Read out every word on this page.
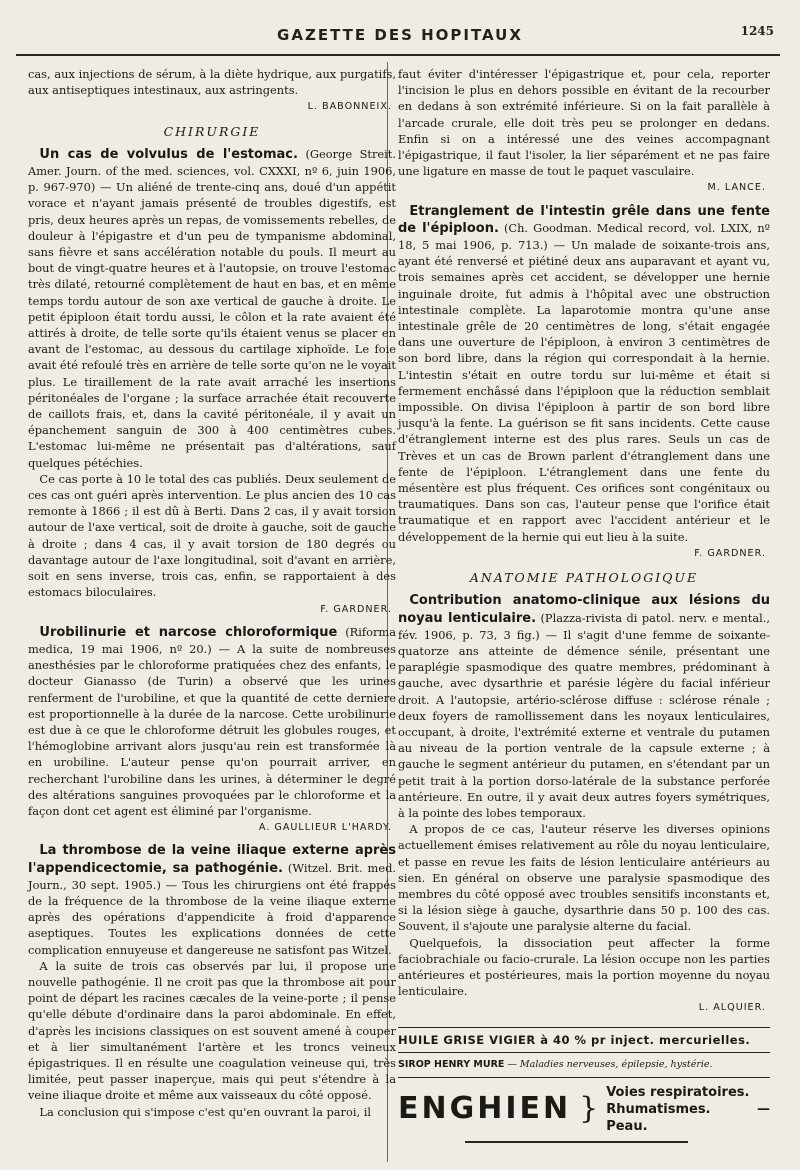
GAZETTE DES HOPITAUX	1245

cas, aux injections de sérum, à la diète hydrique, aux purgatifs, aux antiseptiques intestinaux, aux astringents.

L. BABONNEIX.
CHIRURGIE

Un cas de volvulus de l'estomac. (George Streit. Amer. Journ. of the med. sciences, vol. CXXXI, nº 6, juin 1906, p. 967-970) — Un aliéné de trente-cinq ans, doué d'un appétit vorace et n'ayant jamais présenté de troubles digestifs, est pris, deux heures après un repas, de vomissements rebelles, de douleur à l'épigastre et d'un peu de tympanisme abdominal, sans fièvre et sans accélération notable du pouls. Il meurt au bout de vingt-quatre heures et à l'autopsie, on trouve l'estomac très dilaté, retourné complètement de haut en bas, et en même temps tordu autour de son axe vertical de gauche à droite. Le petit épiploon était tordu aussi, le côlon et la rate avaient été attirés à droite, de telle sorte qu'ils étaient venus se placer en avant de l'estomac, au dessous du cartilage xiphoïde. Le foie avait été refoulé très en arrière de telle sorte qu'on ne le voyait plus. Le tiraillement de la rate avait arraché les insertions péritonéales de l'organe ; la surface arrachée était recouverte de caillots frais, et, dans la cavité péritonéale, il y avait un épanchement sanguin de 300 à 400 centimètres cubes. L'estomac lui-même ne présentait pas d'altérations, sauf quelques pétéchies.

Ce cas porte à 10 le total des cas publiés. Deux seulement de ces cas ont guéri après intervention. Le plus ancien des 10 cas remonte à 1866 ; il est dû à Berti. Dans 2 cas, il y avait torsion autour de l'axe vertical, soit de droite à gauche, soit de gauche à droite ; dans 4 cas, il y avait torsion de 180 degrés ou davantage autour de l'axe longitudinal, soit d'avant en arrière, soit en sens inverse, trois cas, enfin, se rapportaient à des estomacs biloculaires.

F. GARDNER.

Urobilinurie et narcose chloroformique (Riforma medica, 19 mai 1906, nº 20.) — A la suite de nombreuses anesthésies par le chloroforme pratiquées chez des enfants, le docteur Gianasso (de Turin) a observé que les urines renferment de l'urobiline, et que la quantité de cette derniere est proportionnelle à la durée de la narcose. Cette urobilinurie est due à ce que le chloroforme détruit les globules rouges, et l'hémoglobine arrivant alors jusqu'au rein est transformée là en urobiline. L'auteur pense qu'on pourrait arriver, en recherchant l'urobiline dans les urines, à déterminer le degré des altérations sanguines provoquées par le chloroforme et la façon dont cet agent est éliminé par l'organisme.

A. GAULLIEUR L'HARDY.

La thrombose de la veine iliaque externe après l'appendicectomie, sa pathogénie. (Witzel. Brit. med. Journ., 30 sept. 1905.) — Tous les chirurgiens ont été frappés de la fréquence de la thrombose de la veine iliaque externe après des opérations d'appendicite à froid d'apparence aseptiques. Toutes les explications données de cette complication ennuyeuse et dangereuse ne satisfont pas Witzel.

A la suite de trois cas observés par lui, il propose une nouvelle pathogénie. Il ne croit pas que la thrombose ait pour point de départ les racines cæcales de la veine-porte ; il pense qu'elle débute d'ordinaire dans la paroi abdominale. En effet, d'après les incisions classiques on est souvent amené à couper et à lier simultanément l'artère et les troncs veineux épigastriques. Il en résulte une coagulation veineuse qui, très limitée, peut passer inaperçue, mais qui peut s'étendre à la veine iliaque droite et même aux vaisseaux du côté opposé.

La conclusion qui s'impose c'est qu'en ouvrant la paroi, il

faut éviter d'intéresser l'épigastrique et, pour cela, reporter l'incision le plus en dehors possible en évitant de la recourber en dedans à son extrémité inférieure. Si on la fait parallèle à l'arcade crurale, elle doit très peu se prolonger en dedans. Enfin si on a intéressé une des veines accompagnant l'épigastrique, il faut l'isoler, la lier séparément et ne pas faire une ligature en masse de tout le paquet vasculaire.

M. LANCE.

Etranglement de l'intestin grêle dans une fente de l'épiploon. (Ch. Goodman. Medical record, vol. LXIX, nº 18, 5 mai 1906, p. 713.) — Un malade de soixante-trois ans, ayant été renversé et piétiné deux ans auparavant et ayant vu, trois semaines après cet accident, se développer une hernie inguinale droite, fut admis à l'hôpital avec une obstruction intestinale complète. La laparotomie montra qu'une anse intestinale grêle de 20 centimètres de long, s'était engagée dans une ouverture de l'épiploon, à environ 3 centimètres de son bord libre, dans la région qui correspondait à la hernie. L'intestin s'était en outre tordu sur lui-même et était si fermement enchâssé dans l'épiploon que la réduction semblait impossible. On divisa l'épiploon à partir de son bord libre jusqu'à la fente. La guérison se fit sans incidents. Cette cause d'étranglement interne est des plus rares. Seuls un cas de Trèves et un cas de Brown parlent d'étranglement dans une fente de l'épiploon. L'étranglement dans une fente du mésentère est plus fréquent. Ces orifices sont congénitaux ou traumatiques. Dans son cas, l'auteur pense que l'orifice était traumatique et en rapport avec l'accident antérieur et le développement de la hernie qui eut lieu à la suite.

F. GARDNER.
ANATOMIE PATHOLOGIQUE

Contribution anatomo-clinique aux lésions du noyau lenticulaire. (Plazza-rivista di patol. nerv. e mental., fév. 1906, p. 73, 3 fig.) — Il s'agit d'une femme de soixante-quatorze ans atteinte de démence sénile, présentant une paraplégie spasmodique des quatre membres, prédominant à gauche, avec dysarthrie et parésie légère du facial inférieur droit. A l'autopsie, artério-sclérose diffuse : sclérose rénale ; deux foyers de ramollissement dans les noyaux lenticulaires, occupant, à droite, l'extrémité externe et ventrale du putamen au niveau de la portion ventrale de la capsule externe ; à gauche le segment antérieur du putamen, en s'étendant par un petit trait à la portion dorso-latérale de la substance perforée antérieure. En outre, il y avait deux autres foyers symétriques, à la pointe des lobes temporaux.

A propos de ce cas, l'auteur réserve les diverses opinions actuellement émises relativement au rôle du noyau lenticulaire, et passe en revue les faits de lésion lenticulaire antérieurs au sien. En général on observe une paralysie spasmodique des membres du côté opposé avec troubles sensitifs inconstants et, si la lésion siège à gauche, dysarthrie dans 50 p. 100 des cas. Souvent, il s'ajoute une paralysie alterne du facial.

Quelquefois, la dissociation peut affecter la forme faciobrachiale ou facio-crurale. La lésion occupe non les parties antérieures et postérieures, mais la portion moyenne du noyau lenticulaire.

L. ALQUIER.
HUILE GRISE VIGIER à 40 % pr inject. mercurielles.
SIROP HENRY MURE — Maladies nerveuses, épilepsie, hystérie.
ENGHIEN } Voies respiratoires.
Rhumatismes. — Peau.
